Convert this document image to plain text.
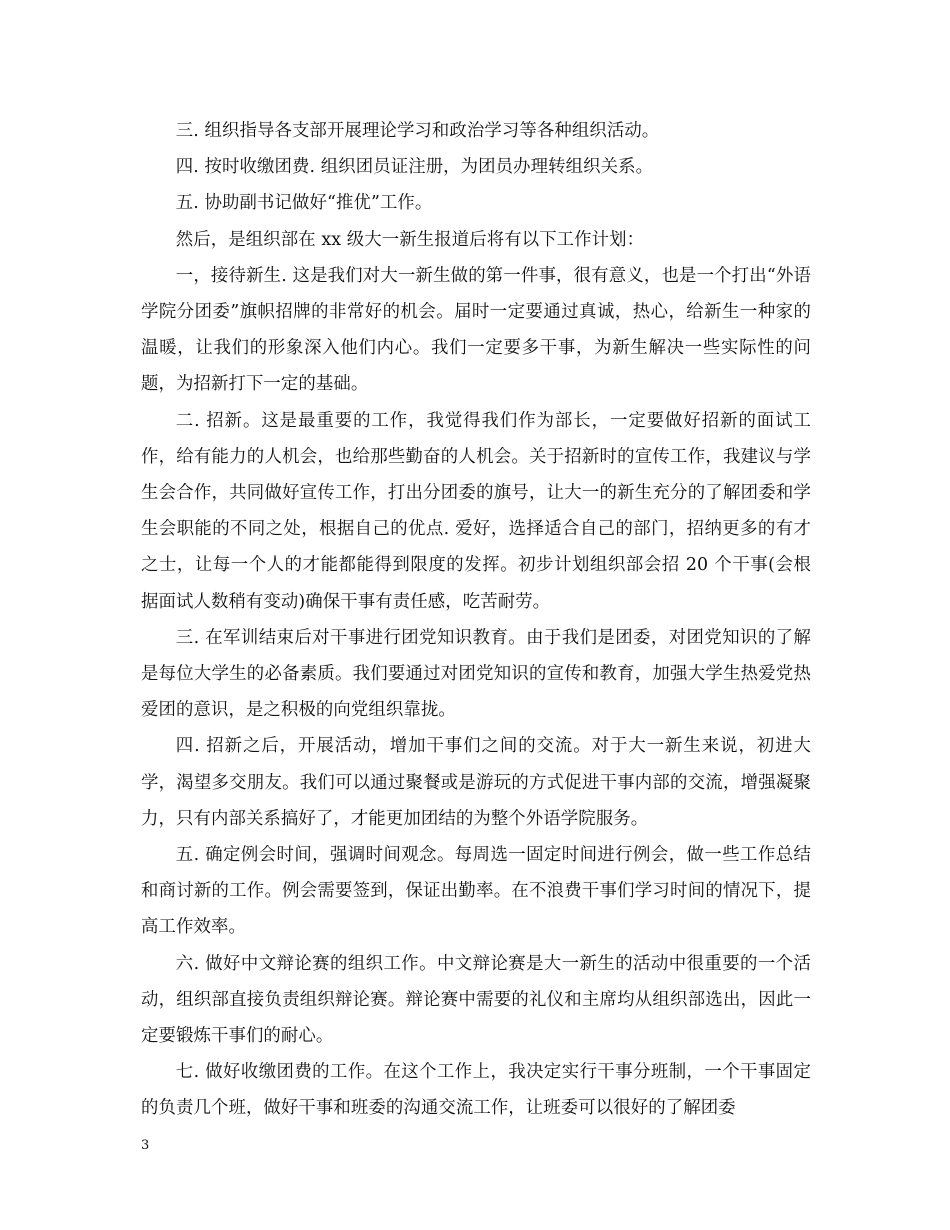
三. 组织指导各支部开展理论学习和政治学习等各种组织活动。

四. 按时收缴团费. 组织团员证注册，为团员办理转组织关系。

五. 协助副书记做好“推优”工作。

然后，是组织部在 xx 级大一新生报道后将有以下工作计划：

一，接待新生. 这是我们对大一新生做的第一件事，很有意义，也是一个打出“外语学院分团委”旗帜招牌的非常好的机会。届时一定要通过真诚，热心，给新生一种家的温暖，让我们的形象深入他们内心。我们一定要多干事，为新生解决一些实际性的问题，为招新打下一定的基础。

二. 招新。这是最重要的工作，我觉得我们作为部长，一定要做好招新的面试工作，给有能力的人机会，也给那些勤奋的人机会。关于招新时的宣传工作，我建议与学生会合作，共同做好宣传工作，打出分团委的旗号，让大一的新生充分的了解团委和学生会职能的不同之处，根据自己的优点. 爱好，选择适合自己的部门，招纳更多的有才之士，让每一个人的才能都能得到限度的发挥。初步计划组织部会招 20 个干事(会根据面试人数稍有变动)确保干事有责任感，吃苦耐劳。

三. 在军训结束后对干事进行团党知识教育。由于我们是团委，对团党知识的了解是每位大学生的必备素质。我们要通过对团党知识的宣传和教育，加强大学生热爱党热爱团的意识，是之积极的向党组织靠拢。

四. 招新之后，开展活动，增加干事们之间的交流。对于大一新生来说，初进大学，渴望多交朋友。我们可以通过聚餐或是游玩的方式促进干事内部的交流，增强凝聚力，只有内部关系搞好了，才能更加团结的为整个外语学院服务。

五. 确定例会时间，强调时间观念。每周选一固定时间进行例会，做一些工作总结和商讨新的工作。例会需要签到，保证出勤率。在不浪费干事们学习时间的情况下，提高工作效率。

六. 做好中文辩论赛的组织工作。中文辩论赛是大一新生的活动中很重要的一个活动，组织部直接负责组织辩论赛。辩论赛中需要的礼仪和主席均从组织部选出，因此一定要锻炼干事们的耐心。

七. 做好收缴团费的工作。在这个工作上，我决定实行干事分班制，一个干事固定的负责几个班，做好干事和班委的沟通交流工作，让班委可以很好的了解团委

3
